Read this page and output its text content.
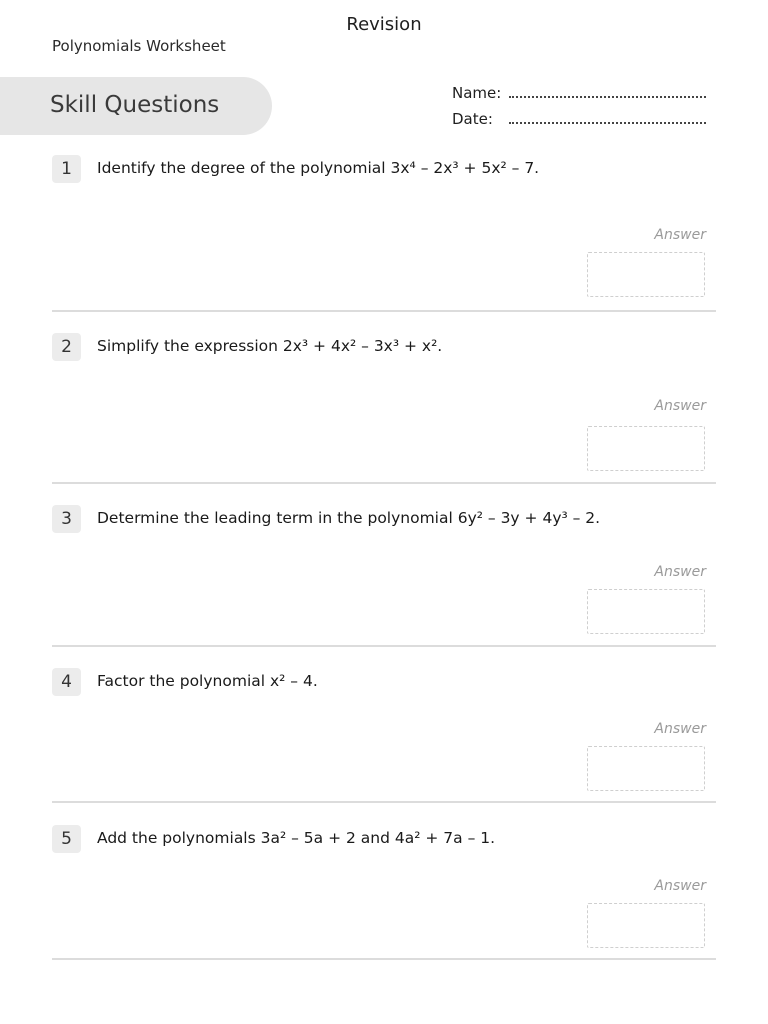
Revision
Polynomials Worksheet
Skill Questions	Name:
Date:
1	Identify the degree of the polynomial 3x⁴ – 2x³ + 5x² – 7.
Answer
2	Simplify the expression 2x³ + 4x² – 3x³ + x².
Answer
3	Determine the leading term in the polynomial 6y² – 3y + 4y³ – 2.
Answer
4	Factor the polynomial x² – 4.
Answer
5	Add the polynomials 3a² – 5a + 2 and 4a² + 7a – 1.
Answer
